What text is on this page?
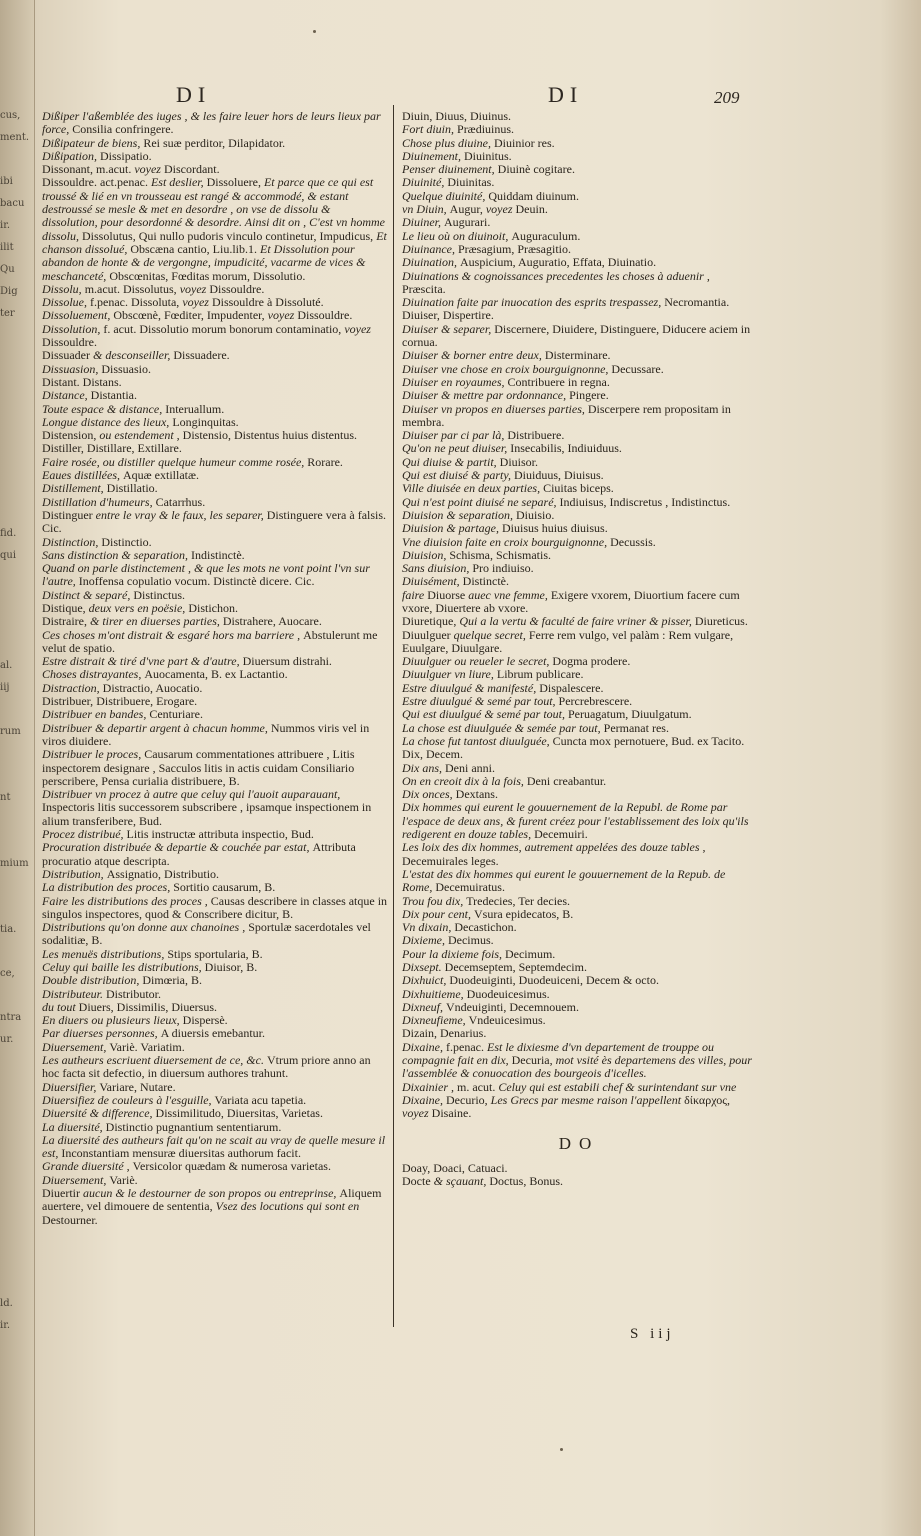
cus,
ment.
ibi
bacu
ir.
ilit
Qu
Dig
ter
fid.
qui
al.
iij
rum
nt
mium
tia.
ce,
ntra
ur.
ld.
ir.
DI	DI	209

Dißiper l'aßemblée des iuges , & les faire leuer hors de leurs lieux par force, Consilia confringere.

Dißipateur de biens, Rei suæ perditor, Dilapidator.

Dißipation, Dissipatio.

Dissonant, m.acut. voyez Discordant.

Dissouldre. act.penac. Est deslier, Dissoluere, Et parce que ce qui est troussé & lié en vn trousseau est rangé & accommodé, & estant destroussé se mesle & met en desordre , on vse de dissolu & dissolution, pour desordonné & desordre. Ainsi dit on , C'est vn homme dissolu, Dissolutus, Qui nullo pudoris vinculo continetur, Impudicus, Et chanson dissolué, Obscæna cantio, Liu.lib.1. Et Dissolution pour abandon de honte & de vergongne, impudicité, vacarme de vices & meschanceté, Obscœnitas, Fœditas morum, Dissolutio.

Dissolu, m.acut. Dissolutus, voyez Dissouldre.

Dissolue, f.penac. Dissoluta, voyez Dissouldre à Dissoluté.

Dissoluement, Obscœnè, Fœditer, Impudenter, voyez Dissouldre.

Dissolution, f. acut. Dissolutio morum bonorum contaminatio, voyez Dissouldre.

Dissuader & desconseiller, Dissuadere.

Dissuasion, Dissuasio.

Distant. Distans.

Distance, Distantia.

Toute espace & distance, Interuallum.

Longue distance des lieux, Longinquitas.

Distension, ou estendement , Distensio, Distentus huius distentus.

Distiller, Distillare, Extillare.

Faire rosée, ou distiller quelque humeur comme rosée, Rorare.

Eaues distillées, Aquæ extillatæ.

Distillement, Distillatio.

Distillation d'humeurs, Catarrhus.

Distinguer entre le vray & le faux, les separer, Distinguere vera à falsis. Cic.

Distinction, Distinctio.

Sans distinction & separation, Indistinctè.

Quand on parle distinctement , & que les mots ne vont point l'vn sur l'autre, Inoffensa copulatio vocum. Distinctè dicere. Cic.

Distinct & separé, Distinctus.

Distique, deux vers en poësie, Distichon.

Distraire, & tirer en diuerses parties, Distrahere, Auocare.

Ces choses m'ont distrait & esgaré hors ma barriere , Abstulerunt me velut de spatio.

Estre distrait & tiré d'vne part & d'autre, Diuersum distrahi.

Choses distrayantes, Auocamenta, B. ex Lactantio.

Distraction, Distractio, Auocatio.

Distribuer, Distribuere, Erogare.

Distribuer en bandes, Centuriare.

Distribuer & departir argent à chacun homme, Nummos viris vel in viros diuidere.

Distribuer le proces, Causarum commentationes attribuere , Litis inspectorem designare , Sacculos litis in actis cuidam Consiliario perscribere, Pensa curialia distribuere, B.

Distribuer vn procez à autre que celuy qui l'auoit auparauant, Inspectoris litis successorem subscribere , ipsamque inspectionem in alium transferibere, Bud.

Procez distribué, Litis instructæ attributa inspectio, Bud.

Procuration distribuée & departie & couchée par estat, Attributa procuratio atque descripta.

Distribution, Assignatio, Distributio.

La distribution des proces, Sortitio causarum, B.

Faire les distributions des proces , Causas describere in classes atque in singulos inspectores, quod & Conscribere dicitur, B.

Distributions qu'on donne aux chanoines , Sportulæ sacerdotales vel sodalitiæ, B.

Les menuës distributions, Stips sportularia, B.

Celuy qui baille les distributions, Diuisor, B.

Double distribution, Dimœria, B.

Distributeur. Distributor.

du tout Diuers, Dissimilis, Diuersus.

En diuers ou plusieurs lieux, Dispersè.

Par diuerses personnes, A diuersis emebantur.

Diuersement, Variè. Variatim.

Les autheurs escriuent diuersement de ce, &c. Vtrum priore anno an hoc facta sit defectio, in diuersum authores trahunt.

Diuersifier, Variare, Nutare.

Diuersifiez de couleurs à l'esguille, Variata acu tapetia.

Diuersité & difference, Dissimilitudo, Diuersitas, Varietas.

La diuersité, Distinctio pugnantium sententiarum.

La diuersité des autheurs fait qu'on ne scait au vray de quelle mesure il est, Inconstantiam mensuræ diuersitas authorum facit.

Grande diuersité , Versicolor quædam & numerosa varietas.

Diuersement, Variè.

Diuertir aucun & le destourner de son propos ou entreprinse, Aliquem auertere, vel dimouere de sententia, Vsez des locutions qui sont en Destourner.

Diuin, Diuus, Diuinus.

Fort diuin, Prædiuinus.

Chose plus diuine, Diuinior res.

Diuinement, Diuinitus.

Penser diuinement, Diuinè cogitare.

Diuinité, Diuinitas.

Quelque diuinité, Quiddam diuinum.

vn Diuin, Augur, voyez Deuin.

Diuiner, Augurari.

Le lieu où on diuinoit, Auguraculum.

Diuinance, Præsagium, Præsagitio.

Diuination, Auspicium, Auguratio, Effata, Diuinatio.

Diuinations & cognoissances precedentes les choses à aduenir , Præscita.

Diuination faite par inuocation des esprits trespassez, Necromantia.

Diuiser, Dispertire.

Diuiser & separer, Discernere, Diuidere, Distinguere, Diducere aciem in cornua.

Diuiser & borner entre deux, Disterminare.

Diuiser vne chose en croix bourguignonne, Decussare.

Diuiser en royaumes, Contribuere in regna.

Diuiser & mettre par ordonnance, Pingere.

Diuiser vn propos en diuerses parties, Discerpere rem propositam in membra.

Diuiser par ci par là, Distribuere.

Qu'on ne peut diuiser, Insecabilis, Indiuiduus.

Qui diuise & partit, Diuisor.

Qui est diuisé & party, Diuiduus, Diuisus.

Ville diuisée en deux parties, Ciuitas biceps.

Qui n'est point diuisé ne separé, Indiuisus, Indiscretus , Indistinctus.

Diuision & separation, Diuisio.

Diuision & partage, Diuisus huius diuisus.

Vne diuision faite en croix bourguignonne, Decussis.

Diuision, Schisma, Schismatis.

Sans diuision, Pro indiuiso.

Diuisément, Distinctè.

faire Diuorse auec vne femme, Exigere vxorem, Diuortium facere cum vxore, Diuertere ab vxore.

Diuretique, Qui a la vertu & faculté de faire vriner & pisser, Diureticus.

Diuulguer quelque secret, Ferre rem vulgo, vel palàm : Rem vulgare, Euulgare, Diuulgare.

Diuulguer ou reueler le secret, Dogma prodere.

Diuulguer vn liure, Librum publicare.

Estre diuulgué & manifesté, Dispalescere.

Estre diuulgué & semé par tout, Percrebrescere.

Qui est diuulgué & semé par tout, Peruagatum, Diuulgatum.

La chose est diuulguée & semée par tout, Permanat res.

La chose fut tantost diuulguée, Cuncta mox pernotuere, Bud. ex Tacito.

Dix, Decem.

Dix ans, Deni anni.

On en creoit dix à la fois, Deni creabantur.

Dix onces, Dextans.

Dix hommes qui eurent le gouuernement de la Republ. de Rome par l'espace de deux ans, & furent créez pour l'establissement des loix qu'ils redigerent en douze tables, Decemuiri.

Les loix des dix hommes, autrement appelées des douze tables , Decemuirales leges.

L'estat des dix hommes qui eurent le gouuernement de la Repub. de Rome, Decemuiratus.

Trou fou dix, Tredecies, Ter decies.

Dix pour cent, Vsura epidecatos, B.

Vn dixain, Decastichon.

Dixieme, Decimus.

Pour la dixieme fois, Decimum.

Dixsept. Decemseptem, Septemdecim.

Dixhuict, Duodeuiginti, Duodeuiceni, Decem & octo.

Dixhuitieme, Duodeuicesimus.

Dixneuf, Vndeuiginti, Decemnouem.

Dixneufieme, Vndeuicesimus.

Dizain, Denarius.

Dixaine, f.penac. Est le dixiesme d'vn departement de trouppe ou compagnie fait en dix, Decuria, mot vsité ès departemens des villes, pour l'assemblée & conuocation des bourgeois d'icelles.

Dixainier , m. acut. Celuy qui est estabili chef & surintendant sur vne Dixaine, Decurio, Les Grecs par mesme raison l'appellent δίκαρχος, voyez Disaine.

DO

Doay, Doaci, Catuaci.

Docte & sçauant, Doctus, Bonus.

S iij
